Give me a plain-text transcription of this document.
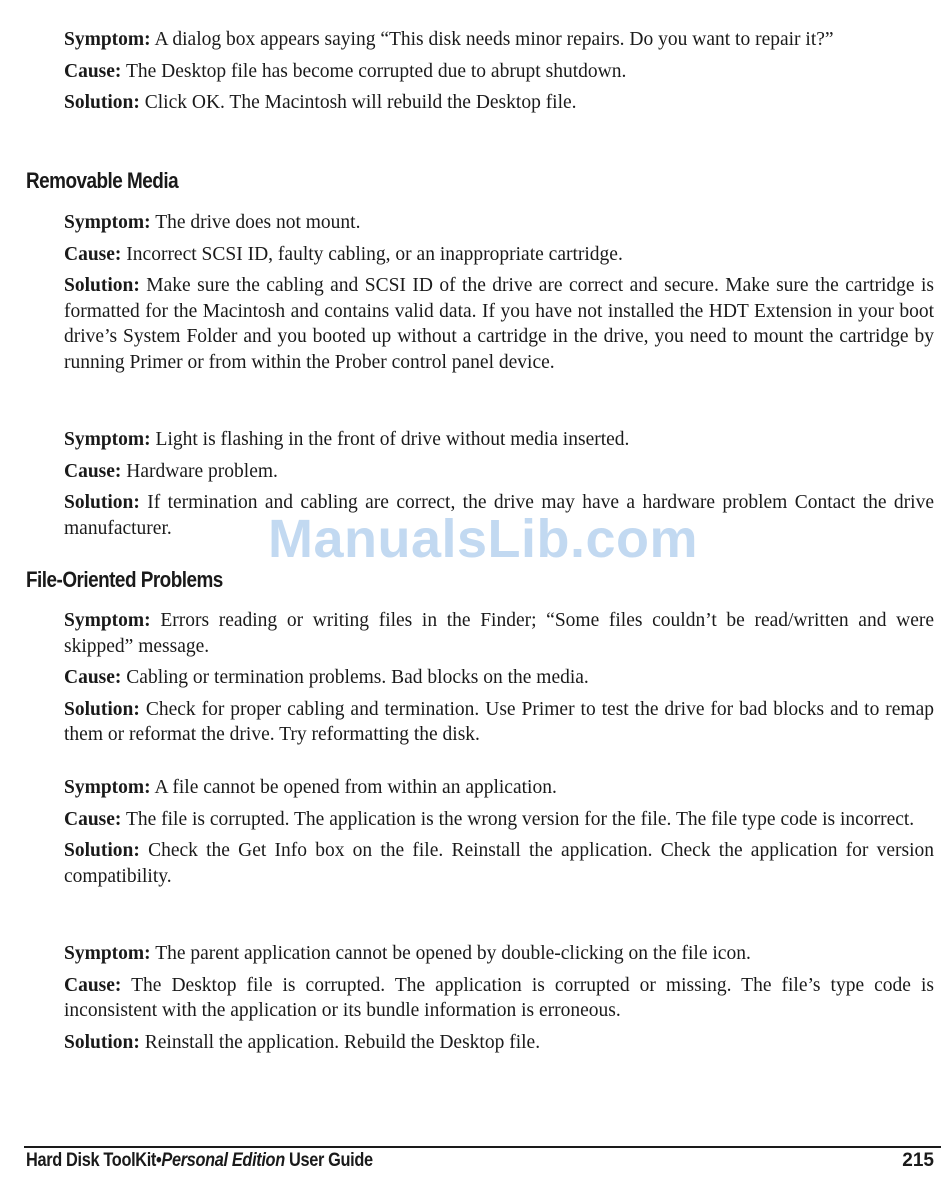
Symptom: A dialog box appears saying “This disk needs minor repairs. Do you want to repair it?”

Cause: The Desktop file has become corrupted due to abrupt shutdown.

Solution: Click OK. The Macintosh will rebuild the Desktop file.

Removable Media

Symptom: The drive does not mount.

Cause: Incorrect SCSI ID, faulty cabling, or an inappropriate cartridge.

Solution: Make sure the cabling and SCSI ID of the drive are correct and secure. Make sure the cartridge is formatted for the Macintosh and contains valid data. If you have not installed the HDT Extension in your boot drive’s System Folder and you booted up without a cartridge in the drive, you need to mount the cartridge by running Primer or from within the Prober control panel device.

Symptom: Light is flashing in the front of drive without media inserted.

Cause: Hardware problem.

Solution: If termination and cabling are correct, the drive may have a hardware problem Contact the drive manufacturer.	ManualsLib.com
File-Oriented Problems

Symptom: Errors reading or writing files in the Finder; “Some files couldn’t be read/written and were skipped” message.

Cause: Cabling or termination problems. Bad blocks on the media.

Solution: Check for proper cabling and termination. Use Primer to test the drive for bad blocks and to remap them or reformat the drive. Try reformatting the disk.

Symptom: A file cannot be opened from within an application.

Cause: The file is corrupted. The application is the wrong version for the file. The file type code is incorrect.

Solution: Check the Get Info box on the file. Reinstall the application. Check the application for version compatibility.

Symptom: The parent application cannot be opened by double-clicking on the file icon.

Cause: The Desktop file is corrupted. The application is corrupted or missing. The file’s type code is inconsistent with the application or its bundle information is erroneous.

Solution: Reinstall the application. Rebuild the Desktop file.

Hard Disk ToolKit•Personal Edition User Guide	215
